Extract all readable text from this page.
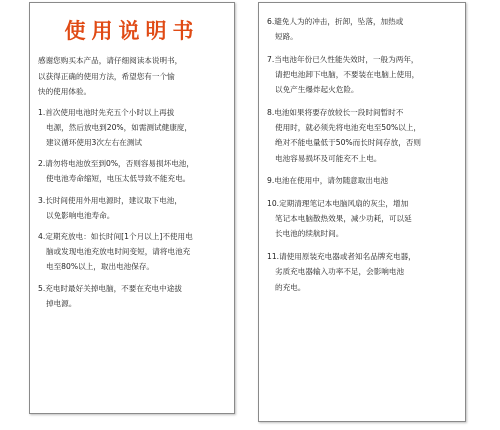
使用说明书
感谢您购买本产品，请仔细阅读本说明书，
以获得正确的使用方法，希望您有一个愉
快的使用体验。
1.首次使用电池时先充五个小时以上再拔
电源，然后放电到20%，如需测试健康度，
建议循环使用3次左右在测试
2.请勿将电池放至到0%，否则容易损坏电池，
使电池寿命缩短，电压太低导致不能充电。
3.长时间使用外用电源时，建议取下电池，
以免影响电池寿命。
4.定期充放电：如长时间[1个月以上]不使用电
脑或发现电池充放电时间变短，请将电池充
电至80%以上，取出电池保存。
5.充电时最好关掉电脑，不要在充电中途拔
掉电源。
6.避免人为的冲击，折卸，坠落，加热或
短路。
7.当电池年份已久性能失效时，一般为两年，
请把电池卸下电脑，不要装在电脑上使用，
以免产生爆炸起火危险。
8.电池如果将要存放较长一段时间暂时不
使用时，就必须先将电池充电至50%以上，
绝对不能电量低于50%而长时间存放，否则
电池容易损坏及可能充不上电。
9.电池在使用中，请勿随意取出电池
10.定期清理笔记本电脑风扇的灰尘，增加
笔记本电脑散热效果，减少功耗，可以延
长电池的续航时间。
11.请使用原装充电器或者知名品牌充电器，
劣质充电器输入功率不足，会影响电池
的充电。
